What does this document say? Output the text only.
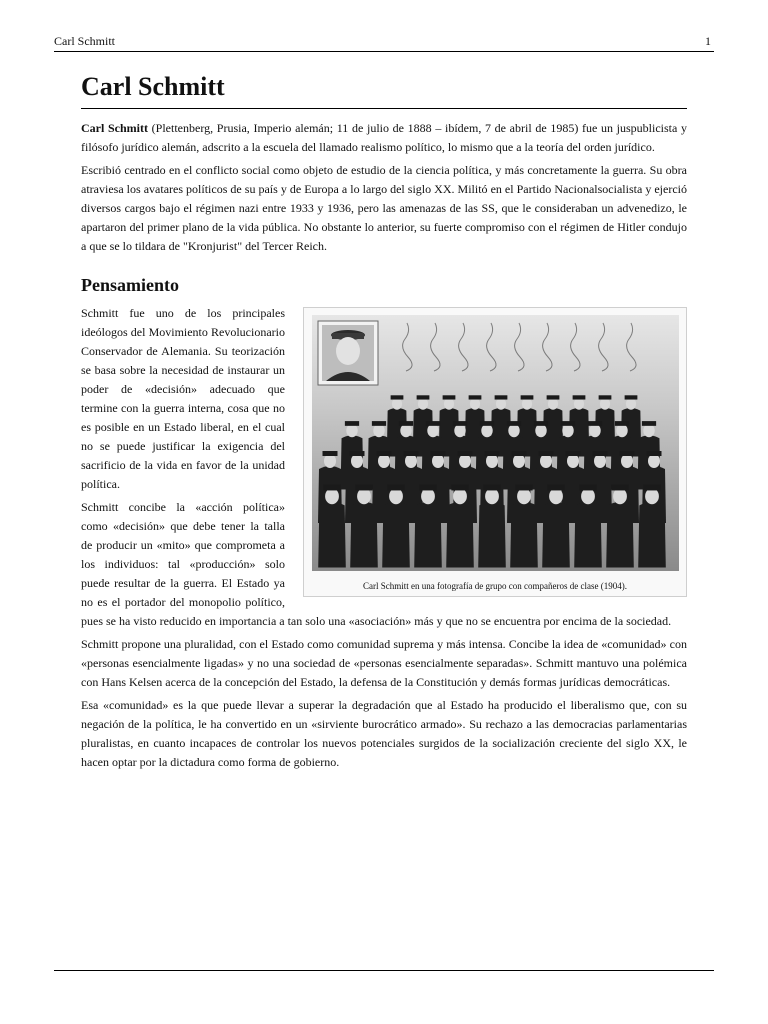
Carl Schmitt	1
Carl Schmitt

Carl Schmitt (Plettenberg, Prusia, Imperio alemán; 11 de julio de 1888 – ibídem, 7 de abril de 1985) fue un juspublicista y filósofo jurídico alemán, adscrito a la escuela del llamado realismo político, lo mismo que a la teoría del orden jurídico.

Escribió centrado en el conflicto social como objeto de estudio de la ciencia política, y más concretamente la guerra. Su obra atraviesa los avatares políticos de su país y de Europa a lo largo del siglo XX. Militó en el Partido Nacionalsocialista y ejerció diversos cargos bajo el régimen nazi entre 1933 y 1936, pero las amenazas de las SS, que le consideraban un advenedizo, le apartaron del primer plano de la vida pública. No obstante lo anterior, su fuerte compromiso con el régimen de Hitler condujo a que se lo tildara de "Kronjurist" del Tercer Reich.

Pensamiento
Carl Schmitt en una fotografía de grupo con compañeros de clase (1904).

Schmitt fue uno de los principales ideólogos del Movimiento Revolucionario Conservador de Alemania. Su teorización se basa sobre la necesidad de instaurar un poder de «decisión» adecuado que termine con la guerra interna, cosa que no es posible en un Estado liberal, en el cual no se puede justificar la exigencia del sacrificio de la vida en favor de la unidad política.

Schmitt concibe la «acción política» como «decisión» que debe tener la talla de producir un «mito» que comprometa a los individuos: tal «producción» solo puede resultar de la guerra. El Estado ya no es el portador del monopolio político, pues se ha visto reducido en importancia a tan solo una «asociación» más y que no se encuentra por encima de la sociedad.

Schmitt propone una pluralidad, con el Estado como comunidad suprema y más intensa. Concibe la idea de «comunidad» con «personas esencialmente ligadas» y no una sociedad de «personas esencialmente separadas». Schmitt mantuvo una polémica con Hans Kelsen acerca de la concepción del Estado, la defensa de la Constitución y demás formas jurídicas democráticas.

Esa «comunidad» es la que puede llevar a superar la degradación que al Estado ha producido el liberalismo que, con su negación de la política, le ha convertido en un «sirviente burocrático armado». Su rechazo a las democracias parlamentarias pluralistas, en cuanto incapaces de controlar los nuevos potenciales surgidos de la socialización creciente del siglo XX, le hacen optar por la dictadura como forma de gobierno.
